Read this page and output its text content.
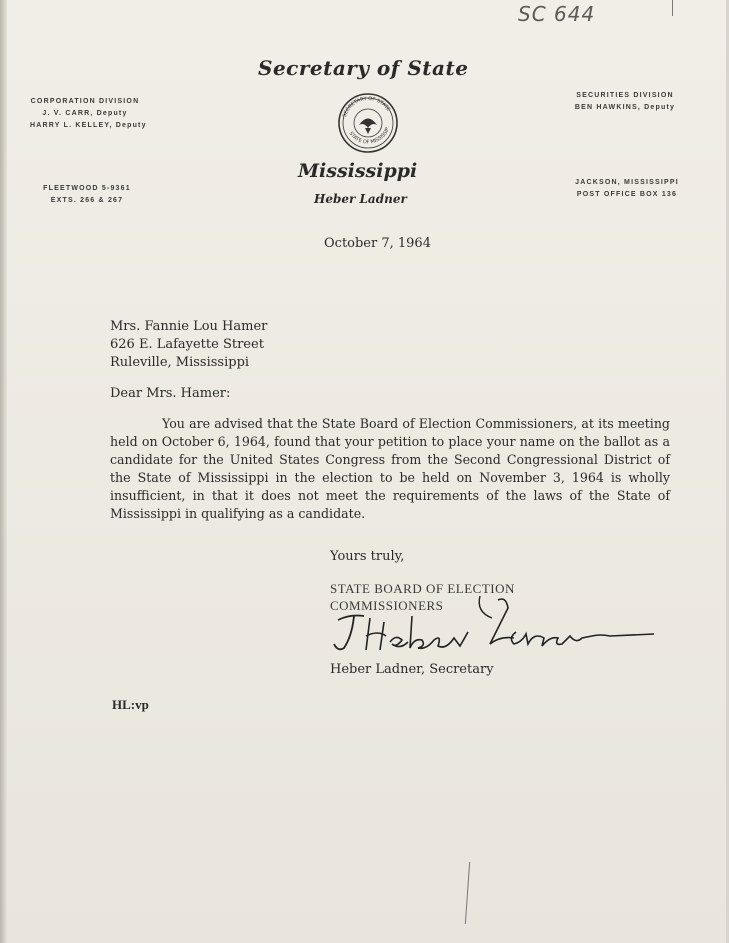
SC 644
Secretary of State
CORPORATION DIVISION
J. V. CARR, Deputy
HARRY L. KELLEY, Deputy
SECURITIES DIVISION
BEN HAWKINS, Deputy
SECRETARY OF STATE
STATE OF MISSISSIP
Mississippi
Heber Ladner
FLEETWOOD 5-9361
EXTS. 266 & 267
JACKSON, MISSISSIPPI
POST OFFICE BOX 136
October 7, 1964
Mrs. Fannie Lou Hamer
626 E. Lafayette Street
Ruleville, Mississippi
Dear Mrs. Hamer:
You are advised that the State Board of Election Commissioners, at its meeting held on October 6, 1964, found that your petition to place your name on the ballot as a candidate for the United States Congress from the Second Congressional District of the State of Mississippi in the election to be held on November 3, 1964 is wholly insufficient, in that it does not meet the requirements of the laws of the State of Mississippi in qualifying as a candidate.
Yours truly,
STATE BOARD OF ELECTION
COMMISSIONERS
Heber Ladner, Secretary
HL:vp
